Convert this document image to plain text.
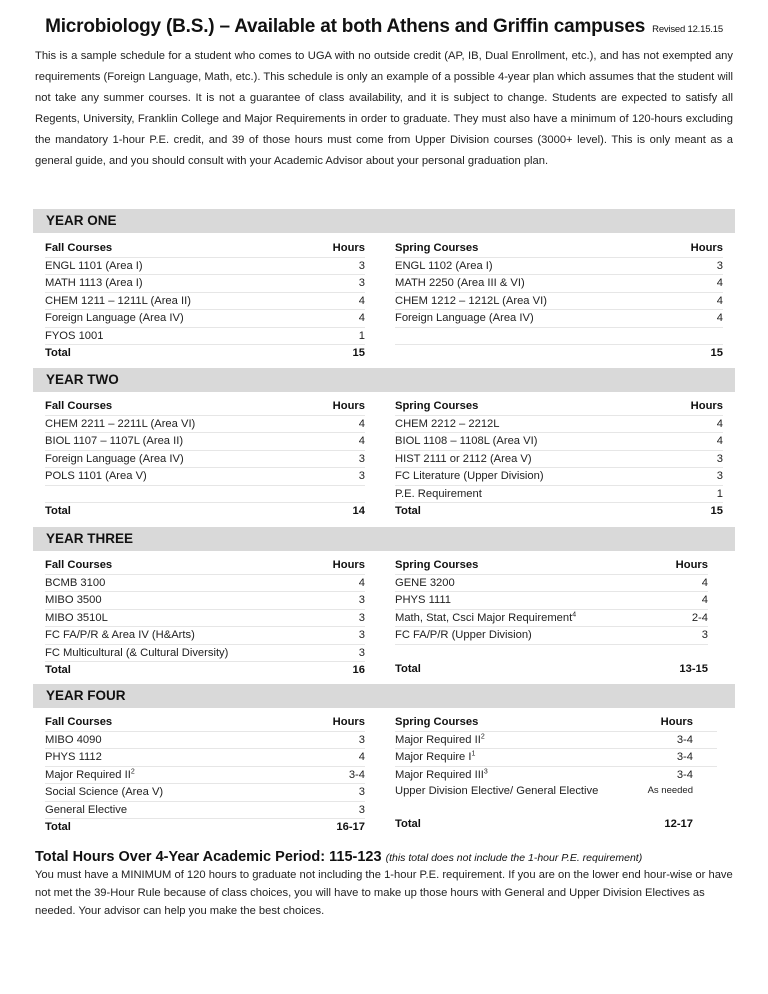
Microbiology (B.S.) – Available at both Athens and Griffin campuses Revised 12.15.15
This is a sample schedule for a student who comes to UGA with no outside credit (AP, IB, Dual Enrollment, etc.), and has not exempted any requirements (Foreign Language, Math, etc.). This schedule is only an example of a possible 4-year plan which assumes that the student will not take any summer courses. It is not a guarantee of class availability, and it is subject to change. Students are expected to satisfy all Regents, University, Franklin College and Major Requirements in order to graduate. They must also have a minimum of 120-hours excluding the mandatory 1-hour P.E. credit, and 39 of those hours must come from Upper Division courses (3000+ level). This is only meant as a general guide, and you should consult with your Academic Advisor about your personal graduation plan.
YEAR ONE
Fall Courses	Hours
ENGL 1101 (Area I)	3
MATH 1113 (Area I)	3
CHEM 1211 – 1211L (Area II)	4
Foreign Language (Area IV)	4
FYOS 1001	1
Total	15
Spring Courses	Hours
ENGL 1102 (Area I)	3
MATH 2250 (Area III & VI)	4
CHEM 1212 – 1212L (Area VI)	4
Foreign Language (Area IV)	4
15
YEAR TWO
Fall Courses	Hours
CHEM 2211 – 2211L (Area VI)	4
BIOL 1107 – 1107L (Area II)	4
Foreign Language (Area IV)	3
POLS 1101 (Area V)	3
Total	14
Spring Courses	Hours
CHEM 2212 – 2212L	4
BIOL 1108 – 1108L (Area VI)	4
HIST 2111 or 2112 (Area V)	3
FC Literature (Upper Division)	3
P.E. Requirement	1
Total	15
YEAR THREE
Fall Courses	Hours
BCMB 3100	4
MIBO 3500	3
MIBO 3510L	3
FC FA/P/R & Area IV (H&Arts)	3
FC Multicultural (& Cultural Diversity)	3
Total	16
Spring Courses	Hours
GENE 3200	4
PHYS 1111	4
Math, Stat, Csci Major Requirement$^4$	2-4
FC FA/P/R (Upper Division)	3
Total	13-15
YEAR FOUR
Fall Courses	Hours
MIBO 4090	3
PHYS 1112	4
Major Required $II^2$	3-4
Social Science (Area V)	3
General Elective	3
Total	16-17
Spring Courses	Hours
Major Required $II^2$	3-4
Major Require $I^1$	3-4
Major Required III$^3$	3-4
Upper Division Elective/ General Elective	As needed
Total	12-17
Total Hours Over 4-Year Academic Period: 115-123 (this total does not include the 1-hour P.E. requirement)
You must have a MINIMUM of 120 hours to graduate not including the 1-hour P.E. requirement. If you are on the lower end hour-wise or have not met the 39-Hour Rule because of class choices, you will have to make up those hours with General and Upper Division Electives as needed. Your advisor can help you make the best choices.
